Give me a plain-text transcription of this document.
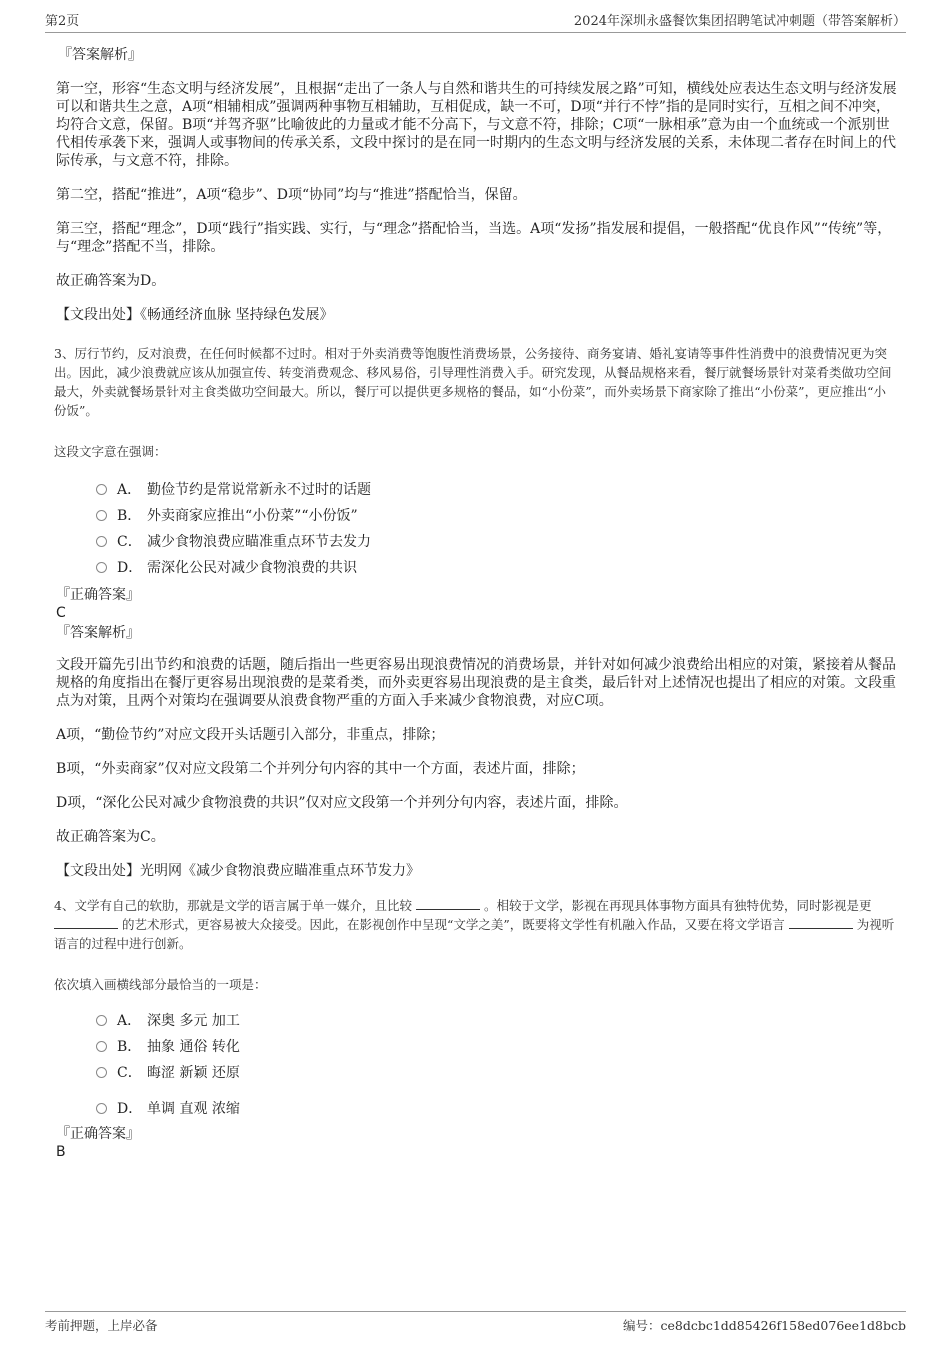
第2页	2024年深圳永盛餐饮集团招聘笔试冲刺题（带答案解析）
『答案解析』

第一空，形容“生态文明与经济发展”，且根据“走出了一条人与自然和谐共生的可持续发展之路”可知，横线处应表达生态文明与经济发展可以和谐共生之意，A项“相辅相成”强调两种事物互相辅助，互相促成，缺一不可，D项“并行不悖”指的是同时实行，互相之间不冲突，均符合文意，保留。B项“并驾齐驱”比喻彼此的力量或才能不分高下，与文意不符，排除；C项“一脉相承”意为由一个血统或一个派别世代相传承袭下来，强调人或事物间的传承关系，文段中探讨的是在同一时期内的生态文明与经济发展的关系，未体现二者存在时间上的代际传承，与文意不符，排除。

第二空，搭配“推进”，A项“稳步”、D项“协同”均与“推进”搭配恰当，保留。

第三空，搭配“理念”，D项“践行”指实践、实行，与“理念”搭配恰当，当选。A项“发扬”指发展和提倡，一般搭配“优良作风”“传统”等，与“理念”搭配不当，排除。

故正确答案为D。

【文段出处】《畅通经济血脉 坚持绿色发展》

3、厉行节约，反对浪费，在任何时候都不过时。相对于外卖消费等饱腹性消费场景，公务接待、商务宴请、婚礼宴请等事件性消费中的浪费情况更为突出。因此，减少浪费就应该从加强宣传、转变消费观念、移风易俗，引导理性消费入手。研究发现，从餐品规格来看，餐厅就餐场景针对菜肴类做功空间最大，外卖就餐场景针对主食类做功空间最大。所以，餐厅可以提供更多规格的餐品，如“小份菜”，而外卖场景下商家除了推出“小份菜”，更应推出“小份饭”。

这段文字意在强调：

A． 勤俭节约是常说常新永不过时的话题
B． 外卖商家应推出“小份菜”“小份饭”
C． 减少食物浪费应瞄准重点环节去发力
D． 需深化公民对减少食物浪费的共识
『正确答案』
C
『答案解析』

文段开篇先引出节约和浪费的话题，随后指出一些更容易出现浪费情况的消费场景，并针对如何减少浪费给出相应的对策，紧接着从餐品规格的角度指出在餐厅更容易出现浪费的是菜肴类，而外卖更容易出现浪费的是主食类，最后针对上述情况也提出了相应的对策。文段重点为对策，且两个对策均在强调要从浪费食物严重的方面入手来减少食物浪费，对应C项。

A项，“勤俭节约”对应文段开头话题引入部分，非重点，排除；

B项，“外卖商家”仅对应文段第二个并列分句内容的其中一个方面，表述片面，排除；

D项，“深化公民对减少食物浪费的共识”仅对应文段第一个并列分句内容，表述片面，排除。

故正确答案为C。

【文段出处】光明网《减少食物浪费应瞄准重点环节发力》

4、文学有自己的软肋，那就是文学的语言属于单一媒介，且比较	。相较于文学，影视在再现具体事物方面具有独特优势，同时影视是更  的艺术形式，更容易被大众接受。因此，在影视创作中呈现“文学之美”，既要将文学性有机融入作品，又要在将文学语言	为视听语言的过程中进行创新。

依次填入画横线部分最恰当的一项是：

A． 深奥 多元 加工
B． 抽象 通俗 转化
C． 晦涩 新颖 还原
D． 单调 直观 浓缩
『正确答案』
B
考前押题，上岸必备	编号：ce8dcbc1dd85426f158ed076ee1d8bcb
